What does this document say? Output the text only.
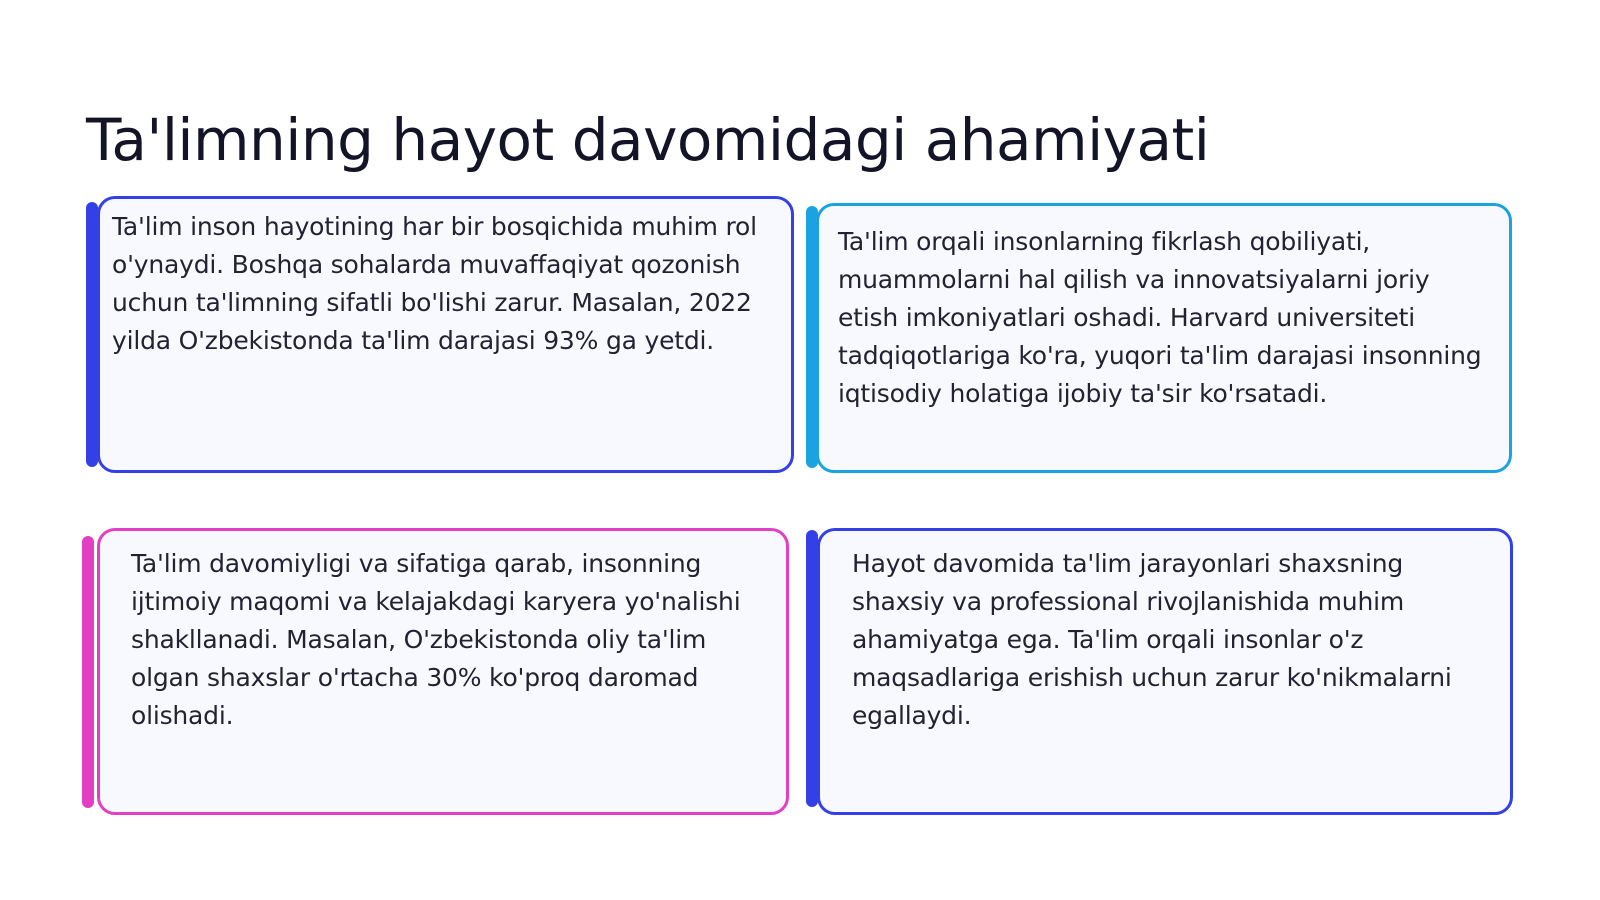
Ta'limning hayot davomidagi ahamiyati

Ta'lim inson hayotining har bir bosqichida muhim rol o'ynaydi. Boshqa sohalarda muvaffaqiyat qozonish uchun ta'limning sifatli bo'lishi zarur. Masalan, 2022 yilda O'zbekistonda ta'lim darajasi 93% ga yetdi.

Ta'lim orqali insonlarning fikrlash qobiliyati, muammolarni hal qilish va innovatsiyalarni joriy etish imkoniyatlari oshadi. Harvard universiteti tadqiqotlariga ko'ra, yuqori ta'lim darajasi insonning iqtisodiy holatiga ijobiy ta'sir ko'rsatadi.

Ta'lim davomiyligi va sifatiga qarab, insonning ijtimoiy maqomi va kelajakdagi karyera yo'nalishi shakllanadi. Masalan, O'zbekistonda oliy ta'lim olgan shaxslar o'rtacha 30% ko'proq daromad olishadi.

Hayot davomida ta'lim jarayonlari shaxsning shaxsiy va professional rivojlanishida muhim ahamiyatga ega. Ta'lim orqali insonlar o'z maqsadlariga erishish uchun zarur ko'nikmalarni egallaydi.
